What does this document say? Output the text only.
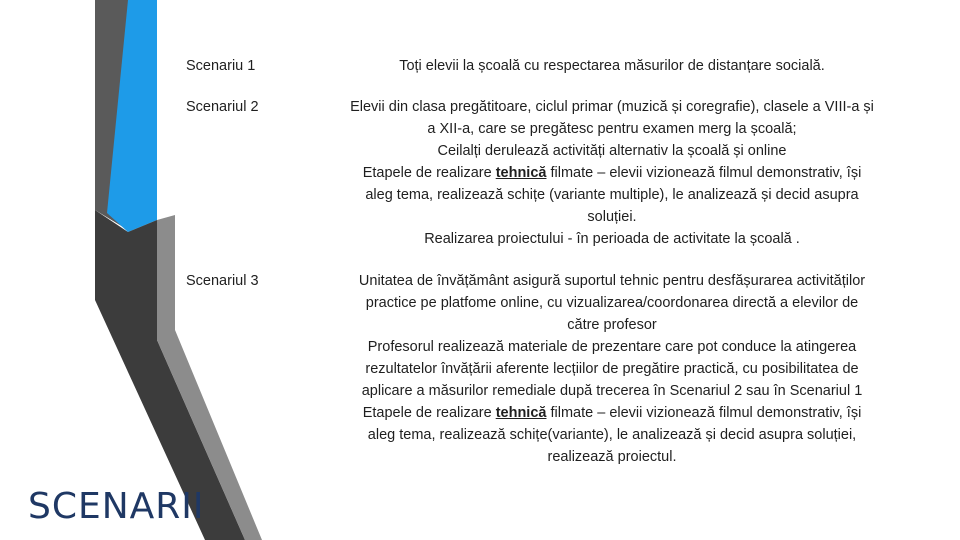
Scenariu 1	Toți elevii la școală cu respectarea măsurilor de distanțare socială.
Scenariul 2	Elevii din clasa pregătitoare, ciclul primar (muzică și coregrafie), clasele a VIII-a și
a XII-a, care se pregătesc pentru examen merg la școală;
Ceilalți derulează activități alternativ la școală și online
Etapele de realizare tehnică filmate – elevii vizionează filmul demonstrativ, își
aleg tema, realizează schițe (variante multiple), le analizează și decid asupra
soluției.
Realizarea proiectului - în perioada de activitate la școală .
Scenariul 3	Unitatea de învățământ asigură suportul tehnic pentru desfășurarea activităților
practice pe platfome online, cu vizualizarea/coordonarea directă a elevilor de
către profesor
Profesorul realizează materiale de prezentare care pot conduce la atingerea
rezultatelor învățării aferente lecțiilor de pregătire practică, cu posibilitatea de
aplicare a măsurilor remediale după trecerea în Scenariul 2 sau în Scenariul 1
Etapele de realizare tehnică filmate – elevii vizionează filmul demonstrativ, își
aleg tema, realizează schițe(variante), le analizează și decid asupra soluției,
realizează proiectul.
SCENARII
